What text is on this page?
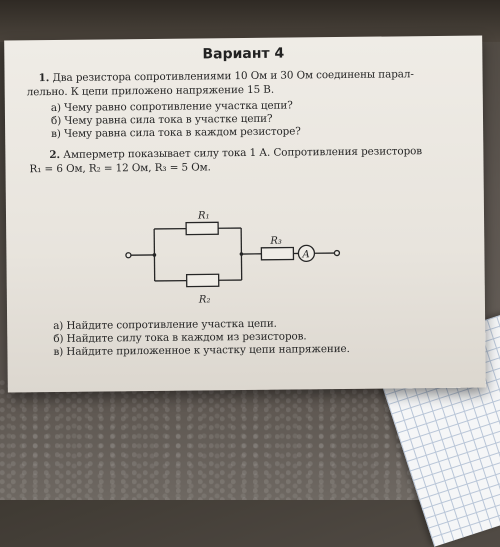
Вариант 4
1. Два резистора сопротивлениями 10 Ом и 30 Ом соединены парал-
лельно. К цепи приложено напряжение 15 В.
а) Чему равно сопротивление участка цепи?
б) Чему равна сила тока в участке цепи?
в) Чему равна сила тока в каждом резисторе?
2. Амперметр показывает силу тока 1 А. Сопротивления резисторов
R₁ = 6 Ом, R₂ = 12 Ом, R₃ = 5 Ом.
R₁
R₂
R₃
A
а) Найдите сопротивление участка цепи.
б) Найдите силу тока в каждом из резисторов.
в) Найдите приложенное к участку цепи напряжение.
